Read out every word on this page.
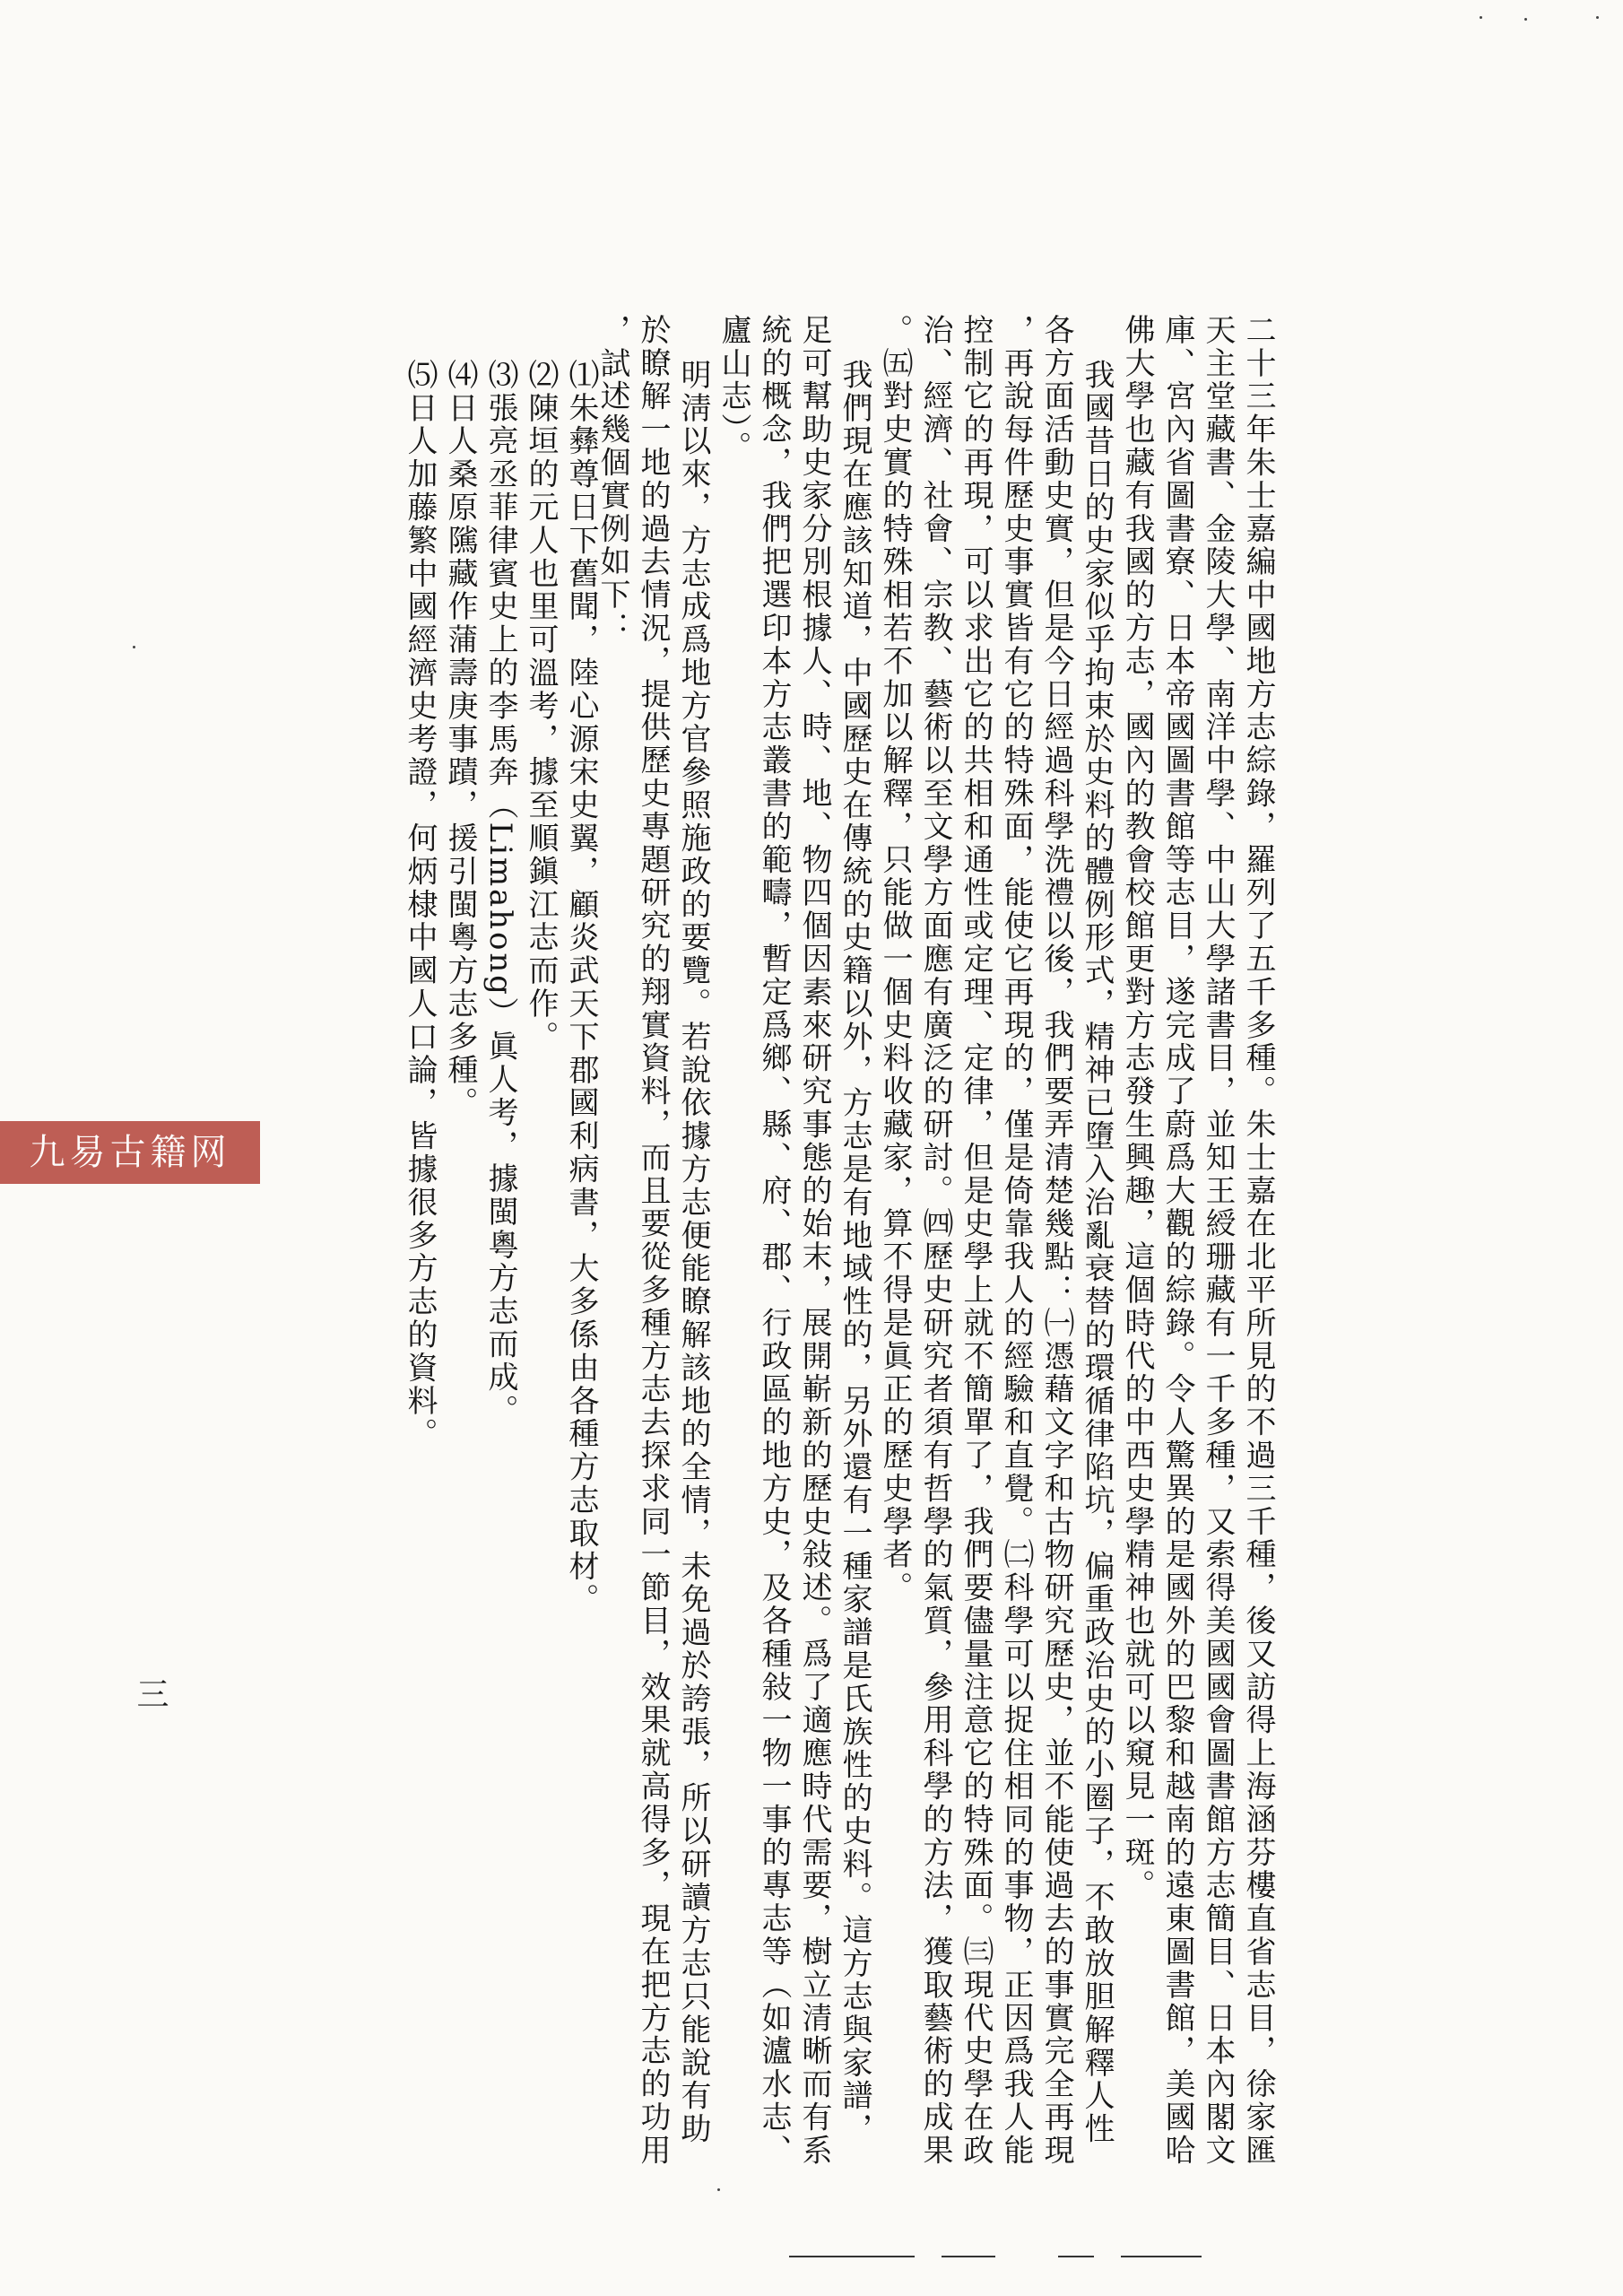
二十三年朱士嘉編中國地方志綜錄，羅列了五千多種。朱士嘉在北平所見的不過三千種，後又訪得上海涵芬樓直省志目，徐家匯

天主堂藏書、金陵大學、南洋中學、中山大學諸書目，並知王綬珊藏有一千多種，又索得美國國會圖書館方志簡目、日本內閣文

庫、宮內省圖書寮、日本帝國圖書館等志目，遂完成了蔚爲大觀的綜錄。令人驚異的是國外的巴黎和越南的遠東圖書館，美國哈

佛大學也藏有我國的方志，國內的教會校館更對方志發生興趣，這個時代的中西史學精神也就可以窺見一斑。

我國昔日的史家似乎拘束於史料的體例形式，精神已墮入治亂衰替的環循律陷坑，偏重政治史的小圈子，不敢放胆解釋人性

各方面活動史實，但是今日經過科學洗禮以後，我們要弄清楚幾點：㈠憑藉文字和古物研究歷史，並不能使過去的事實完全再現

，再說每件歷史事實皆有它的特殊面，能使它再現的，僅是倚靠我人的經驗和直覺。㈡科學可以捉住相同的事物，正因爲我人能

控制它的再現，可以求出它的共相和通性或定理、定律，但是史學上就不簡單了，我們要儘量注意它的特殊面。㈢現代史學在政

治、經濟、社會、宗教、藝術以至文學方面應有廣泛的研討。㈣歷史研究者須有哲學的氣質，參用科學的方法，獲取藝術的成果

。㈤對史實的特殊相若不加以解釋，只能做一個史料收藏家，算不得是眞正的歷史學者。

我們現在應該知道，中國歷史在傳統的史籍以外，方志是有地域性的，另外還有一種家譜是氏族性的史料。這方志與家譜，

足可幫助史家分別根據人、時、地、物四個因素來研究事態的始末，展開嶄新的歷史敍述。爲了適應時代需要，樹立清晰而有系

統的概念，我們把選印本方志叢書的範疇，暫定爲鄉、縣、府、郡、行政區的地方史，及各種敍一物一事的專志等（如瀘水志、

廬山志）。

明淸以來，方志成爲地方官參照施政的要覽。若說依據方志便能瞭解該地的全情，未免過於誇張，所以研讀方志只能說有助

於瞭解一地的過去情況，提供歷史專題研究的翔實資料，而且要從多種方志去探求同一節目，效果就高得多，現在把方志的功用

，試述幾個實例如下：

⑴朱彝尊日下舊聞，陸心源宋史翼，顧炎武天下郡國利病書，大多係由各種方志取材。

⑵陳垣的元人也里可溫考，據至順鎭江志而作。

⑶張亮丞菲律賓史上的李馬奔（Limahong）眞人考，據閩粵方志而成。

⑷日人桑原隲藏作蒲壽庚事蹟，援引閩粵方志多種。

⑸日人加藤繁中國經濟史考證，何炳棣中國人口論，皆據很多方志的資料。

三
九易古籍网
